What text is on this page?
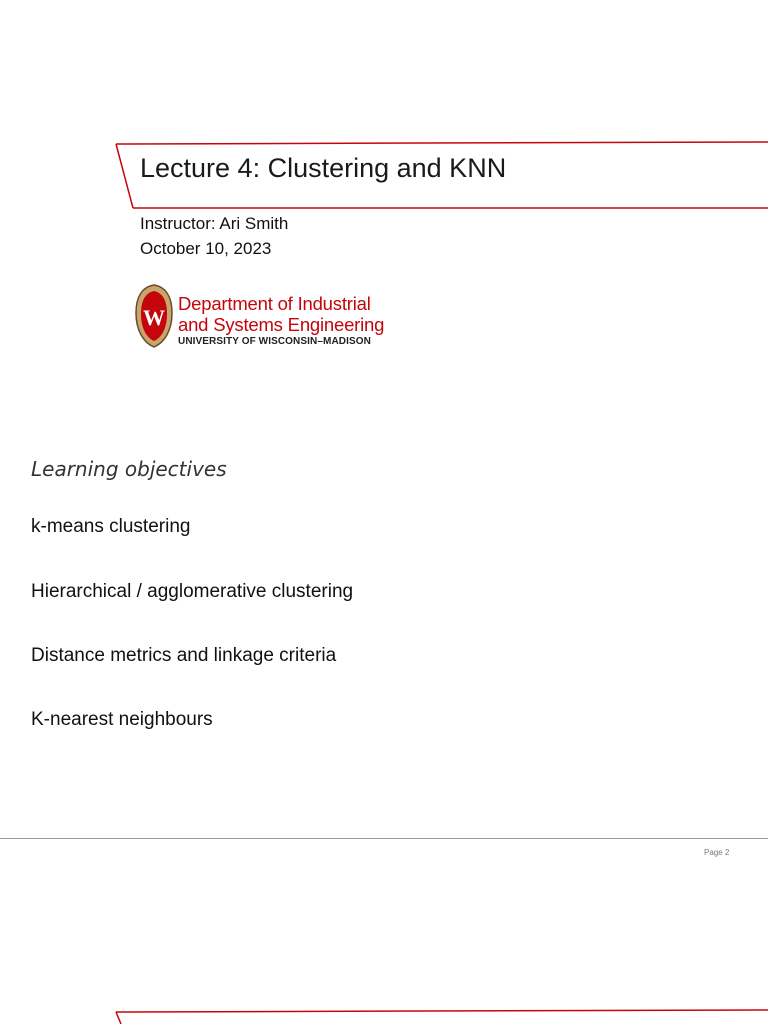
Lecture 4: Clustering and KNN
Instructor: Ari Smith
October 10, 2023
W
Department of Industrial
and Systems Engineering
UNIVERSITY OF WISCONSIN–MADISON
Learning objectives
k-means clustering
Hierarchical / agglomerative clustering
Distance metrics and linkage criteria
K-nearest neighbours
Page 2
